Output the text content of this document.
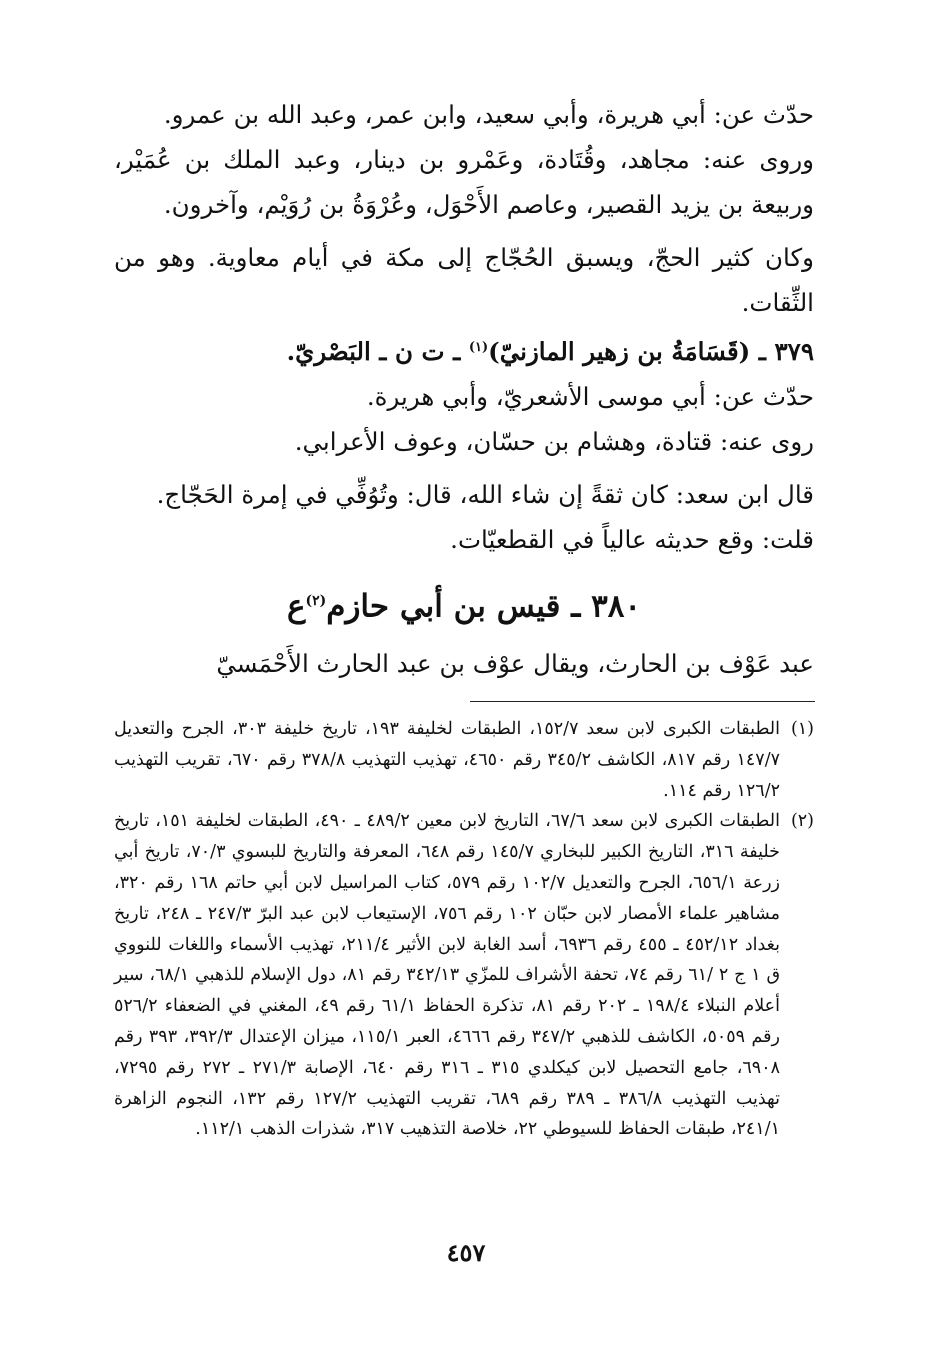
حدّث عن: أبي هريرة، وأبي سعيد، وابن عمر، وعبد الله بن عمرو.

وروى عنه: مجاهد، وقُتَادة، وعَمْرو بن دينار، وعبد الملك بن عُمَيْر، وربيعة بن يزيد القصير، وعاصم الأَحْوَل، وعُرْوَةُ بن رُوَيْم، وآخرون.

وكان كثير الحجّ، ويسبق الحُجّاج إلى مكة في أيام معاوية. وهو من الثِّقات.

٣٧٩ ـ (قَسَامَةُ بن زهير المازنيّ)$^{(١)}$ ـ ت ن ـ البَصْريّ.

حدّث عن: أبي موسى الأشعريّ، وأبي هريرة.

روى عنه: قتادة، وهشام بن حسّان، وعوف الأعرابي.

قال ابن سعد: كان ثقةً إن شاء الله، قال: وتُوُفِّي في إمرة الحَجّاج.

قلت: وقع حديثه عالياً في القطعيّات.

٣٨٠ ـ قيس بن أبي حازم$^{(٢)}$ع

عبد عَوْف بن الحارث، ويقال عوْف بن عبد الحارث الأَحْمَسيّ

(١)
الطبقات الكبرى لابن سعد ١٥٢/٧، الطبقات لخليفة ١٩٣، تاريخ خليفة ٣٠٣، الجرح والتعديل ١٤٧/٧ رقم ٨١٧، الكاشف ٣٤٥/٢ رقم ٤٦٥٠، تهذيب التهذيب ٣٧٨/٨ رقم ٦٧٠، تقريب التهذيب ١٢٦/٢ رقم ١١٤.
(٢)
الطبقات الكبرى لابن سعد ٦٧/٦، التاريخ لابن معين ٤٨٩/٢ ـ ٤٩٠، الطبقات لخليفة ١٥١، تاريخ خليفة ٣١٦، التاريخ الكبير للبخاري ١٤٥/٧ رقم ٦٤٨، المعرفة والتاريخ للبسوي ٧٠/٣، تاريخ أبي زرعة ٦٥٦/١، الجرح والتعديل ١٠٢/٧ رقم ٥٧٩، كتاب المراسيل لابن أبي حاتم ١٦٨ رقم ٣٢٠، مشاهير علماء الأمصار لابن حبّان ١٠٢ رقم ٧٥٦، الإستيعاب لابن عبد البرّ ٢٤٧/٣ ـ ٢٤٨، تاريخ بغداد ٤٥٢/١٢ ـ ٤٥٥ رقم ٦٩٣٦، أسد الغابة لابن الأثير ٢١١/٤، تهذيب الأسماء واللغات للنووي ق ١ ج ٢ /٦١ رقم ٧٤، تحفة الأشراف للمزّي ٣٤٢/١٣ رقم ٨١، دول الإسلام للذهبي ٦٨/١، سير أعلام النبلاء ١٩٨/٤ ـ ٢٠٢ رقم ٨١، تذكرة الحفاظ ٦١/١ رقم ٤٩، المغني في الضعفاء ٥٢٦/٢ رقم ٥٠٥٩، الكاشف للذهبي ٣٤٧/٢ رقم ٤٦٦٦، العبر ١١٥/١، ميزان الإعتدال ٣٩٢/٣، ٣٩٣ رقم ٦٩٠٨، جامع التحصيل لابن كيكلدي ٣١٥ ـ ٣١٦ رقم ٦٤٠، الإصابة ٢٧١/٣ ـ ٢٧٢ رقم ٧٢٩٥، تهذيب التهذيب ٣٨٦/٨ ـ ٣٨٩ رقم ٦٨٩، تقريب التهذيب ١٢٧/٢ رقم ١٣٢، النجوم الزاهرة ٢٤١/١، طبقات الحفاظ للسيوطي ٢٢، خلاصة التذهيب ٣١٧، شذرات الذهب ١١٢/١.
٤٥٧
